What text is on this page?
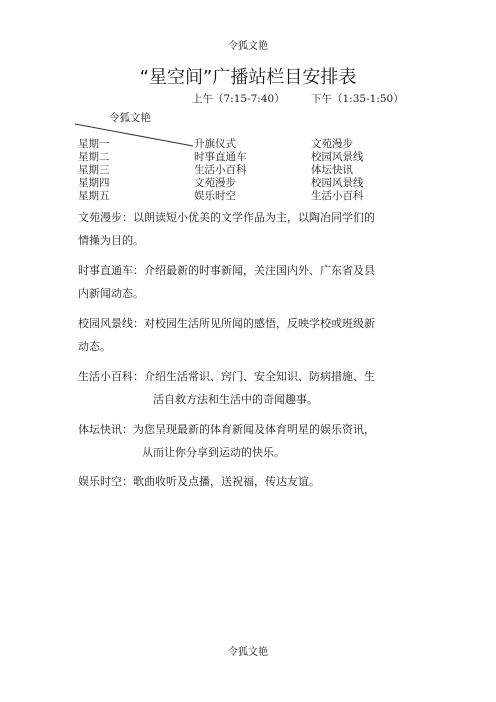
令狐文艳
“星空间”广播站栏目安排表
上午（7:15-7:40）	下午（1:35-1:50）
令狐文艳
星期一	升旗仪式	文苑漫步
星期二	时事直通车	校园风景线
星期三	生活小百科	体坛快讯
星期四	文苑漫步	校园风景线
星期五	娱乐时空	生活小百科
文苑漫步：以朗读短小优美的文学作品为主，以陶冶同学们的
情操为目的。
时事直通车：介绍最新的时事新闻，关注国内外、广东省及县
内新闻动态。
校园风景线：对校园生活所见所闻的感悟，反映学校或班级新
动态。
生活小百科：介绍生活常识、窍门、安全知识、防病措施、生
活自救方法和生活中的奇闻趣事。
体坛快讯：为您呈现最新的体育新闻及体育明星的娱乐资讯，
从而让你分享到运动的快乐。
娱乐时空：歌曲收听及点播，送祝福，传达友谊。
令狐文艳
